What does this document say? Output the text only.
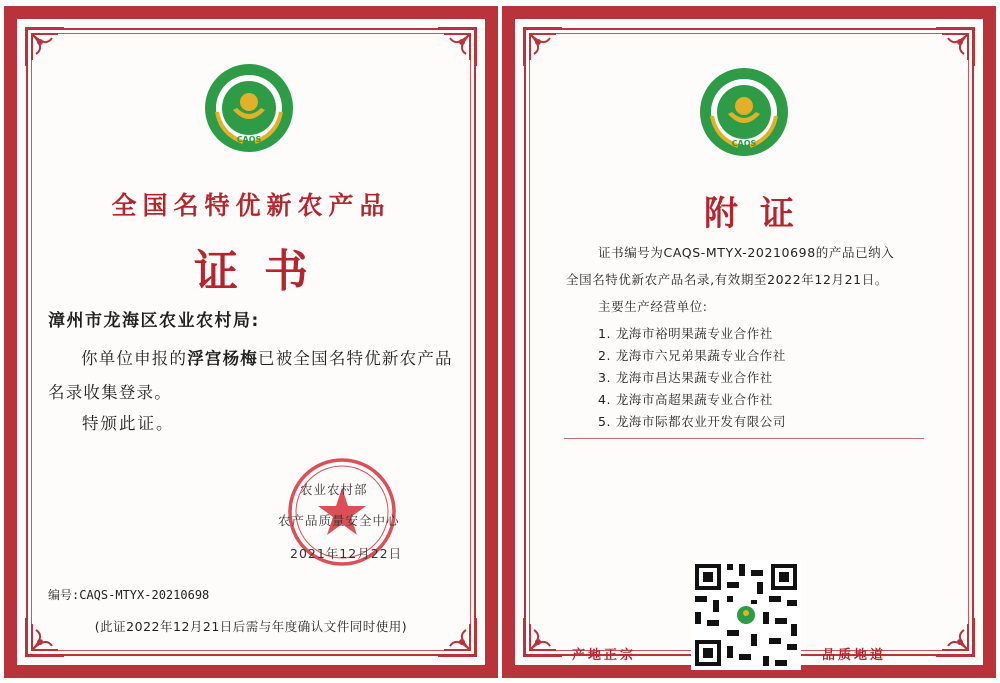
CAQS
全国名特优新农产品
证书
漳州市龙海区农业农村局:
你单位申报的浮宫杨梅已被全国名特优新农产品名录收集登录。
特颁此证。
农业农村部
农产品质量安全中心
2021年12月22日
编号:CAQS-MTYX-20210698
(此证2022年12月21日后需与年度确认文件同时使用)
CAQS
附证
证书编号为CAQS-MTYX-20210698的产品已纳入
全国名特优新农产品名录,有效期至2022年12月21日。
主要生产经营单位:
1. 龙海市裕明果蔬专业合作社
2. 龙海市六兄弟果蔬专业合作社
3. 龙海市昌达果蔬专业合作社
4. 龙海市高超果蔬专业合作社
5. 龙海市际都农业开发有限公司
产地正宗	品质地道
